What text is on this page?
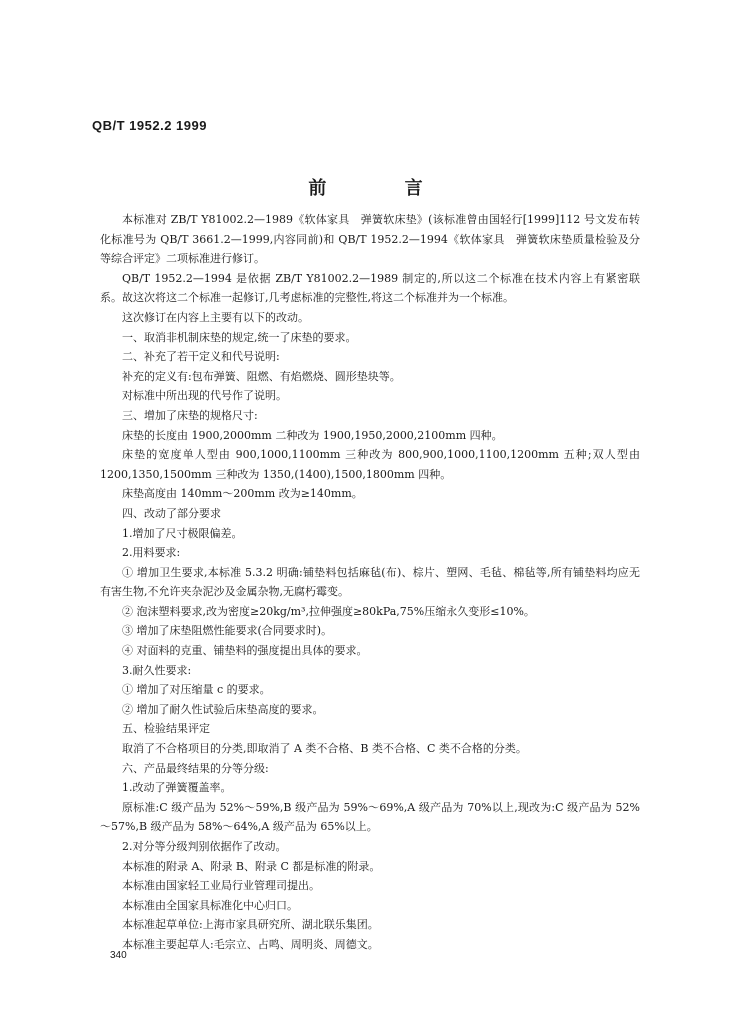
QB/T 1952.2 1999
前 言

本标准对 ZB/T Y81002.2—1989《软体家具　弹簧软床垫》(该标准曾由国轻行[1999]112 号文发布转化标准号为 QB/T 3661.2—1999,内容同前)和 QB/T 1952.2—1994《软体家具　弹簧软床垫质量检验及分等综合评定》二项标准进行修订。

QB/T 1952.2—1994 是依据 ZB/T Y81002.2—1989 制定的,所以这二个标准在技术内容上有紧密联系。故这次将这二个标准一起修订,几考虑标准的完整性,将这二个标准并为一个标准。

这次修订在内容上主要有以下的改动。

一、取消非机制床垫的规定,统一了床垫的要求。

二、补充了若干定义和代号说明:

补充的定义有:包布弹簧、阻燃、有焰燃烧、圆形垫块等。

对标准中所出现的代号作了说明。

三、增加了床垫的规格尺寸:

床垫的长度由 1900,2000mm 二种改为 1900,1950,2000,2100mm 四种。

床垫的宽度单人型由 900,1000,1100mm 三种改为 800,900,1000,1100,1200mm 五种;双人型由 1200,1350,1500mm 三种改为 1350,(1400),1500,1800mm 四种。

床垫高度由 140mm～200mm 改为≥140mm。

四、改动了部分要求

1.增加了尺寸极限偏差。

2.用料要求:

① 增加卫生要求,本标准 5.3.2 明确:铺垫料包括麻毡(布)、棕片、塑网、毛毡、棉毡等,所有铺垫料均应无有害生物,不允许夹杂泥沙及金属杂物,无腐朽霉变。

② 泡沫塑料要求,改为密度≥20kg/m³,拉伸强度≥80kPa,75%压缩永久变形≤10%。

③ 增加了床垫阻燃性能要求(合同要求时)。

④ 对面料的克重、铺垫料的强度提出具体的要求。

3.耐久性要求:

① 增加了对压缩量 c 的要求。

② 增加了耐久性试验后床垫高度的要求。

五、检验结果评定

取消了不合格项目的分类,即取消了 A 类不合格、B 类不合格、C 类不合格的分类。

六、产品最终结果的分等分级:

1.改动了弹簧覆盖率。

原标准:C 级产品为 52%～59%,B 级产品为 59%～69%,A 级产品为 70%以上,现改为:C 级产品为 52%～57%,B 级产品为 58%～64%,A 级产品为 65%以上。

2.对分等分级判别依据作了改动。

本标准的附录 A、附录 B、附录 C 都是标准的附录。

本标准由国家轻工业局行业管理司提出。

本标准由全国家具标准化中心归口。

本标准起草单位:上海市家具研究所、湖北联乐集团。

本标准主要起草人:毛宗立、占鸣、周明炎、周德文。

340
